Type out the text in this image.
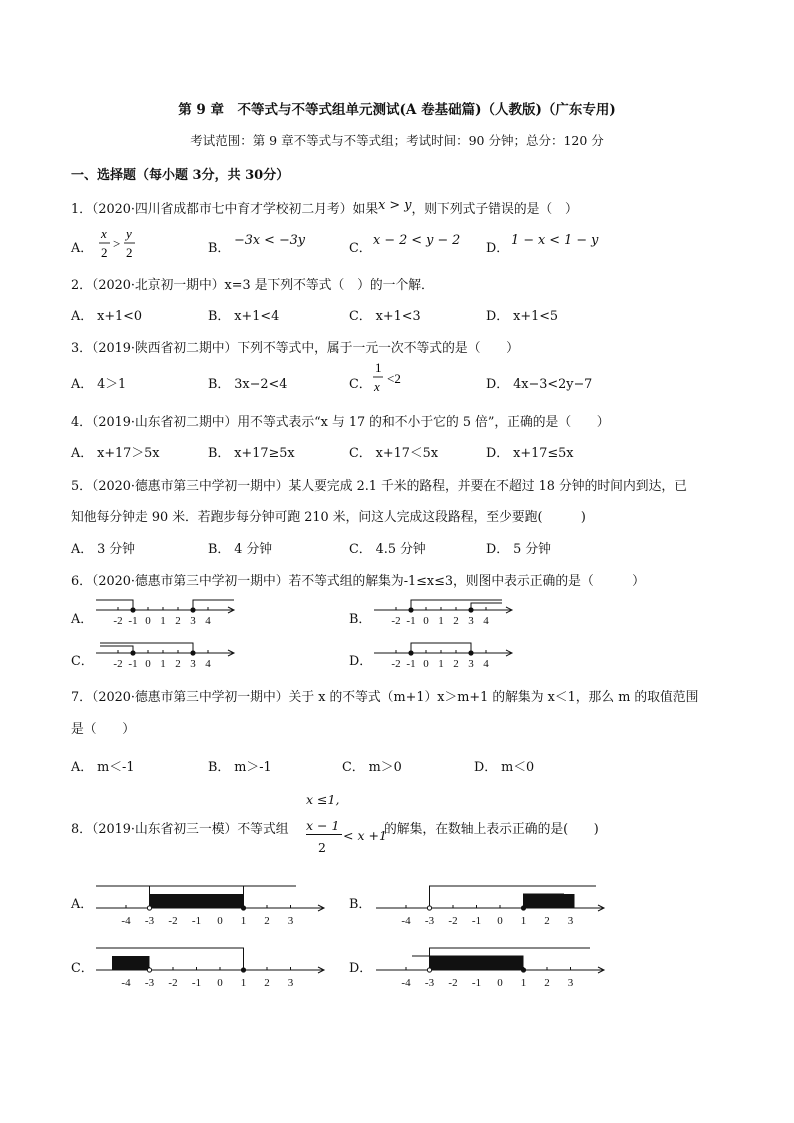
第 9 章　不等式与不等式组单元测试(A 卷基础篇)（人教版)（广东专用)
考试范围：第 9 章不等式与不等式组；考试时间：90 分钟；总分：120 分
一、选择题（每小题 3分，共 30分）
1．（2020·四川省成都市七中育才学校初二月考）如果x > y，则下列式子错误的是（　）
A．
x
2
>
y
2	B．
−3x < −3y
C．
x − 2 < y − 2
D．
1 − x < 1 − y
2．（2020·北京初一期中）x=3 是下列不等式（　）的一个解．
A． x+1<0	B． x+1<4	C． x+1<3	D． x+1<5
3．（2019·陕西省初二期中）下列不等式中，属于一元一次不等式的是（　　）
A． 4＞1	B． 3x−2<4	C．
1
x
<2	D． 4x−3<2y−7
4．（2019·山东省初二期中）用不等式表示“x 与 17 的和不小于它的 5 倍”，正确的是（　　）
A． x+17＞5x	B． x+17≥5x	C． x+17＜5x	D． x+17≤5x
5．（2020·德惠市第三中学初一期中）某人要完成 2.1 千米的路程，并要在不超过 18 分钟的时间内到达，已
知他每分钟走 90 米．若跑步每分钟可跑 210 米，问这人完成这段路程，至少要跑(　　　)
A． 3 分钟	B． 4 分钟	C． 4.5 分钟	D． 5 分钟
6．（2020·德惠市第三中学初一期中）若不等式组的解集为-1≤x≤3，则图中表示正确的是（　　　）
A．	B．
C．	D．
-2 -1 0 1 2 3 4	-2 -1 0 1 2 3 4
-2 -1 0 1 2 3 4	-2 -1 0 1 2 3 4
7．（2020·德惠市第三中学初一期中）关于 x 的不等式（m+1）x＞m+1 的解集为 x＜1，那么 m 的取值范围
是（　　）
A． m＜-1	B． m＞-1	C． m＞0	D． m＜0
8．（2019·山东省初三一模）不等式组
x ≤1,
x − 1
2
< x +1
的解集，在数轴上表示正确的是(　　)
A．	B．
C．	D．
-4 -3 -2 -1 0 1 2 3	-4 -3 -2 -1 0 1 2 3
-4 -3 -2 -1 0 1 2 3	-4 -3 -2 -1 0 1 2 3
